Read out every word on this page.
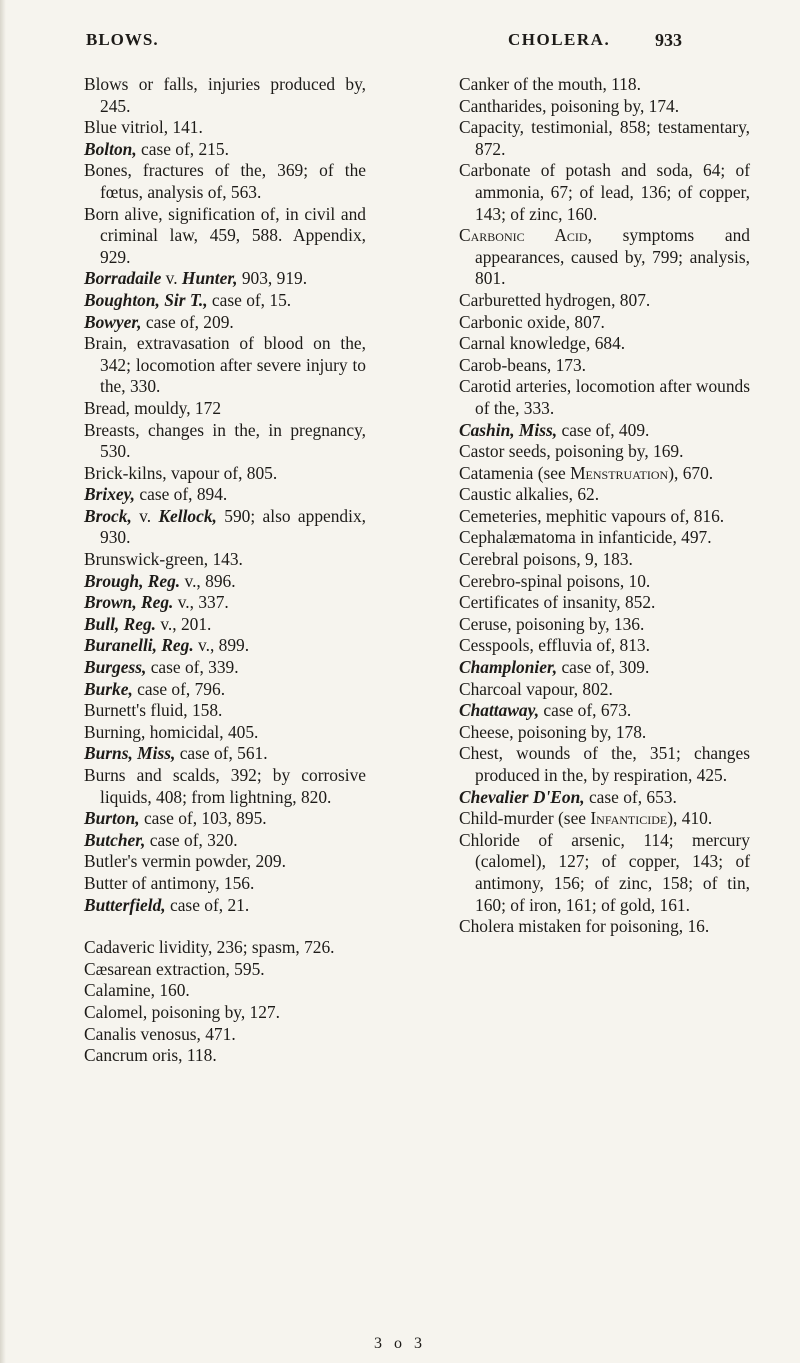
BLOWS.	CHOLERA. 933
Blows or falls, injuries produced by, 245.
Blue vitriol, 141.
Bolton, case of, 215.
Bones, fractures of the, 369; of the fœtus, analysis of, 563.
Born alive, signification of, in civil and criminal law, 459, 588. Appendix, 929.
Borradaile v. Hunter, 903, 919.
Boughton, Sir T., case of, 15.
Bowyer, case of, 209.
Brain, extravasation of blood on the, 342; locomotion after severe injury to the, 330.
Bread, mouldy, 172
Breasts, changes in the, in pregnancy, 530.
Brick-kilns, vapour of, 805.
Brixey, case of, 894.
Brock, v. Kellock, 590; also appendix, 930.
Brunswick-green, 143.
Brough, Reg. v., 896.
Brown, Reg. v., 337.
Bull, Reg. v., 201.
Buranelli, Reg. v., 899.
Burgess, case of, 339.
Burke, case of, 796.
Burnett's fluid, 158.
Burning, homicidal, 405.
Burns, Miss, case of, 561.
Burns and scalds, 392; by corrosive liquids, 408; from lightning, 820.
Burton, case of, 103, 895.
Butcher, case of, 320.
Butler's vermin powder, 209.
Butter of antimony, 156.
Butterfield, case of, 21.
Cadaveric lividity, 236; spasm, 726.
Cæsarean extraction, 595.
Calamine, 160.
Calomel, poisoning by, 127.
Canalis venosus, 471.
Cancrum oris, 118.
Canker of the mouth, 118.
Cantharides, poisoning by, 174.
Capacity, testimonial, 858; testamentary, 872.
Carbonate of potash and soda, 64; of ammonia, 67; of lead, 136; of copper, 143; of zinc, 160.
Carbonic Acid, symptoms and appearances, caused by, 799; analysis, 801.
Carburetted hydrogen, 807.
Carbonic oxide, 807.
Carnal knowledge, 684.
Carob-beans, 173.
Carotid arteries, locomotion after wounds of the, 333.
Cashin, Miss, case of, 409.
Castor seeds, poisoning by, 169.
Catamenia (see Menstruation), 670.
Caustic alkalies, 62.
Cemeteries, mephitic vapours of, 816.
Cephalæmatoma in infanticide, 497.
Cerebral poisons, 9, 183.
Cerebro-spinal poisons, 10.
Certificates of insanity, 852.
Ceruse, poisoning by, 136.
Cesspools, effluvia of, 813.
Champlonier, case of, 309.
Charcoal vapour, 802.
Chattaway, case of, 673.
Cheese, poisoning by, 178.
Chest, wounds of the, 351; changes produced in the, by respiration, 425.
Chevalier D'Eon, case of, 653.
Child-murder (see Infanticide), 410.
Chloride of arsenic, 114; mercury (calomel), 127; of copper, 143; of antimony, 156; of zinc, 158; of tin, 160; of iron, 161; of gold, 161.
Cholera mistaken for poisoning, 16.
3 o 3
